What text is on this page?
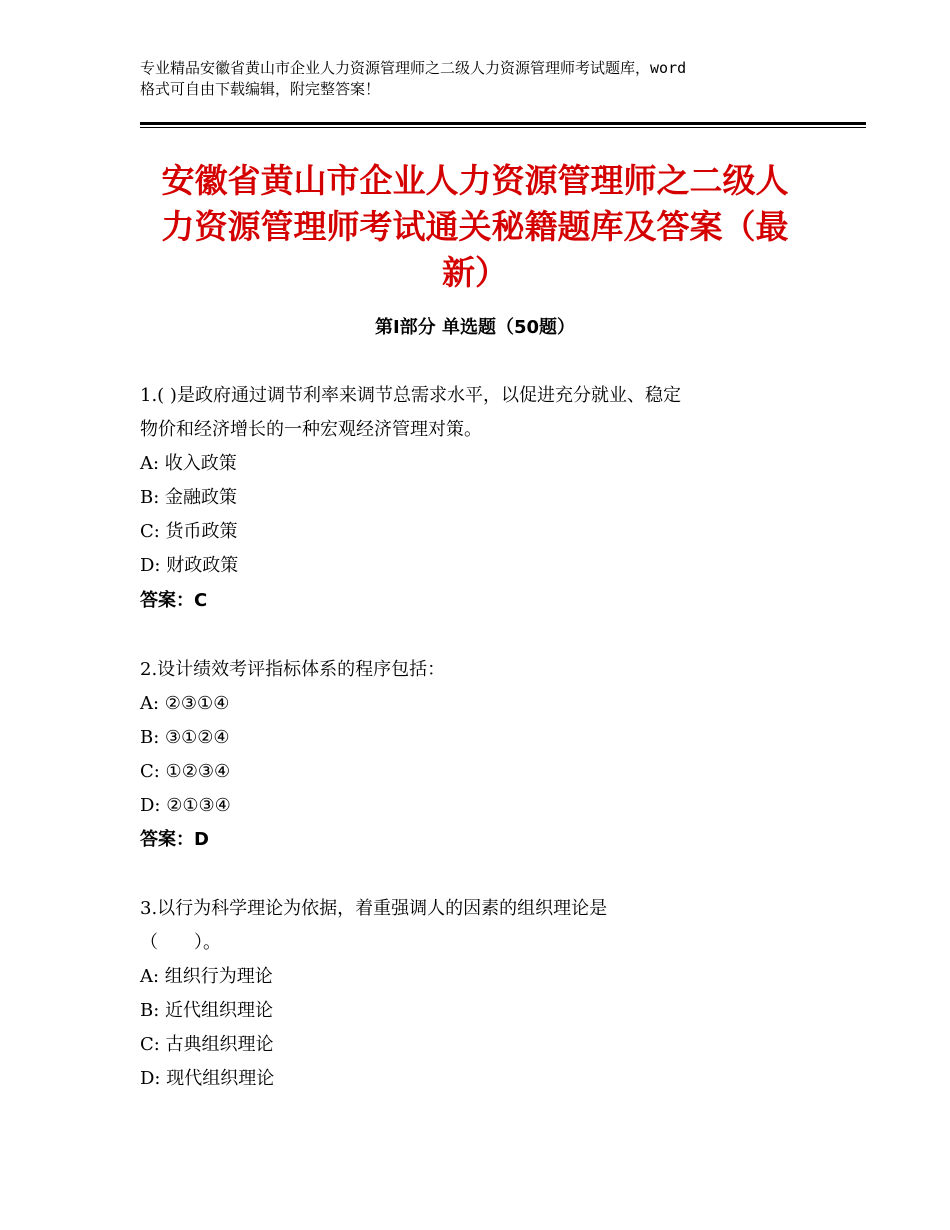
专业精品安徽省黄山市企业人力资源管理师之二级人力资源管理师考试题库，word
格式可自由下载编辑，附完整答案！
安徽省黄山市企业人力资源管理师之二级人
力资源管理师考试通关秘籍题库及答案（最
新）
第Ⅰ部分 单选题（50题）
1.( )是政府通过调节利率来调节总需求水平，以促进充分就业、稳定
物价和经济增长的一种宏观经济管理对策。
A: 收入政策
B: 金融政策
C: 货币政策
D: 财政政策
答案：C
2.设计绩效考评指标体系的程序包括：
A: ②③①④
B: ③①②④
C: ①②③④
D: ②①③④
答案：D
3.以行为科学理论为依据，着重强调人的因素的组织理论是
（　　）。
A: 组织行为理论
B: 近代组织理论
C: 古典组织理论
D: 现代组织理论
